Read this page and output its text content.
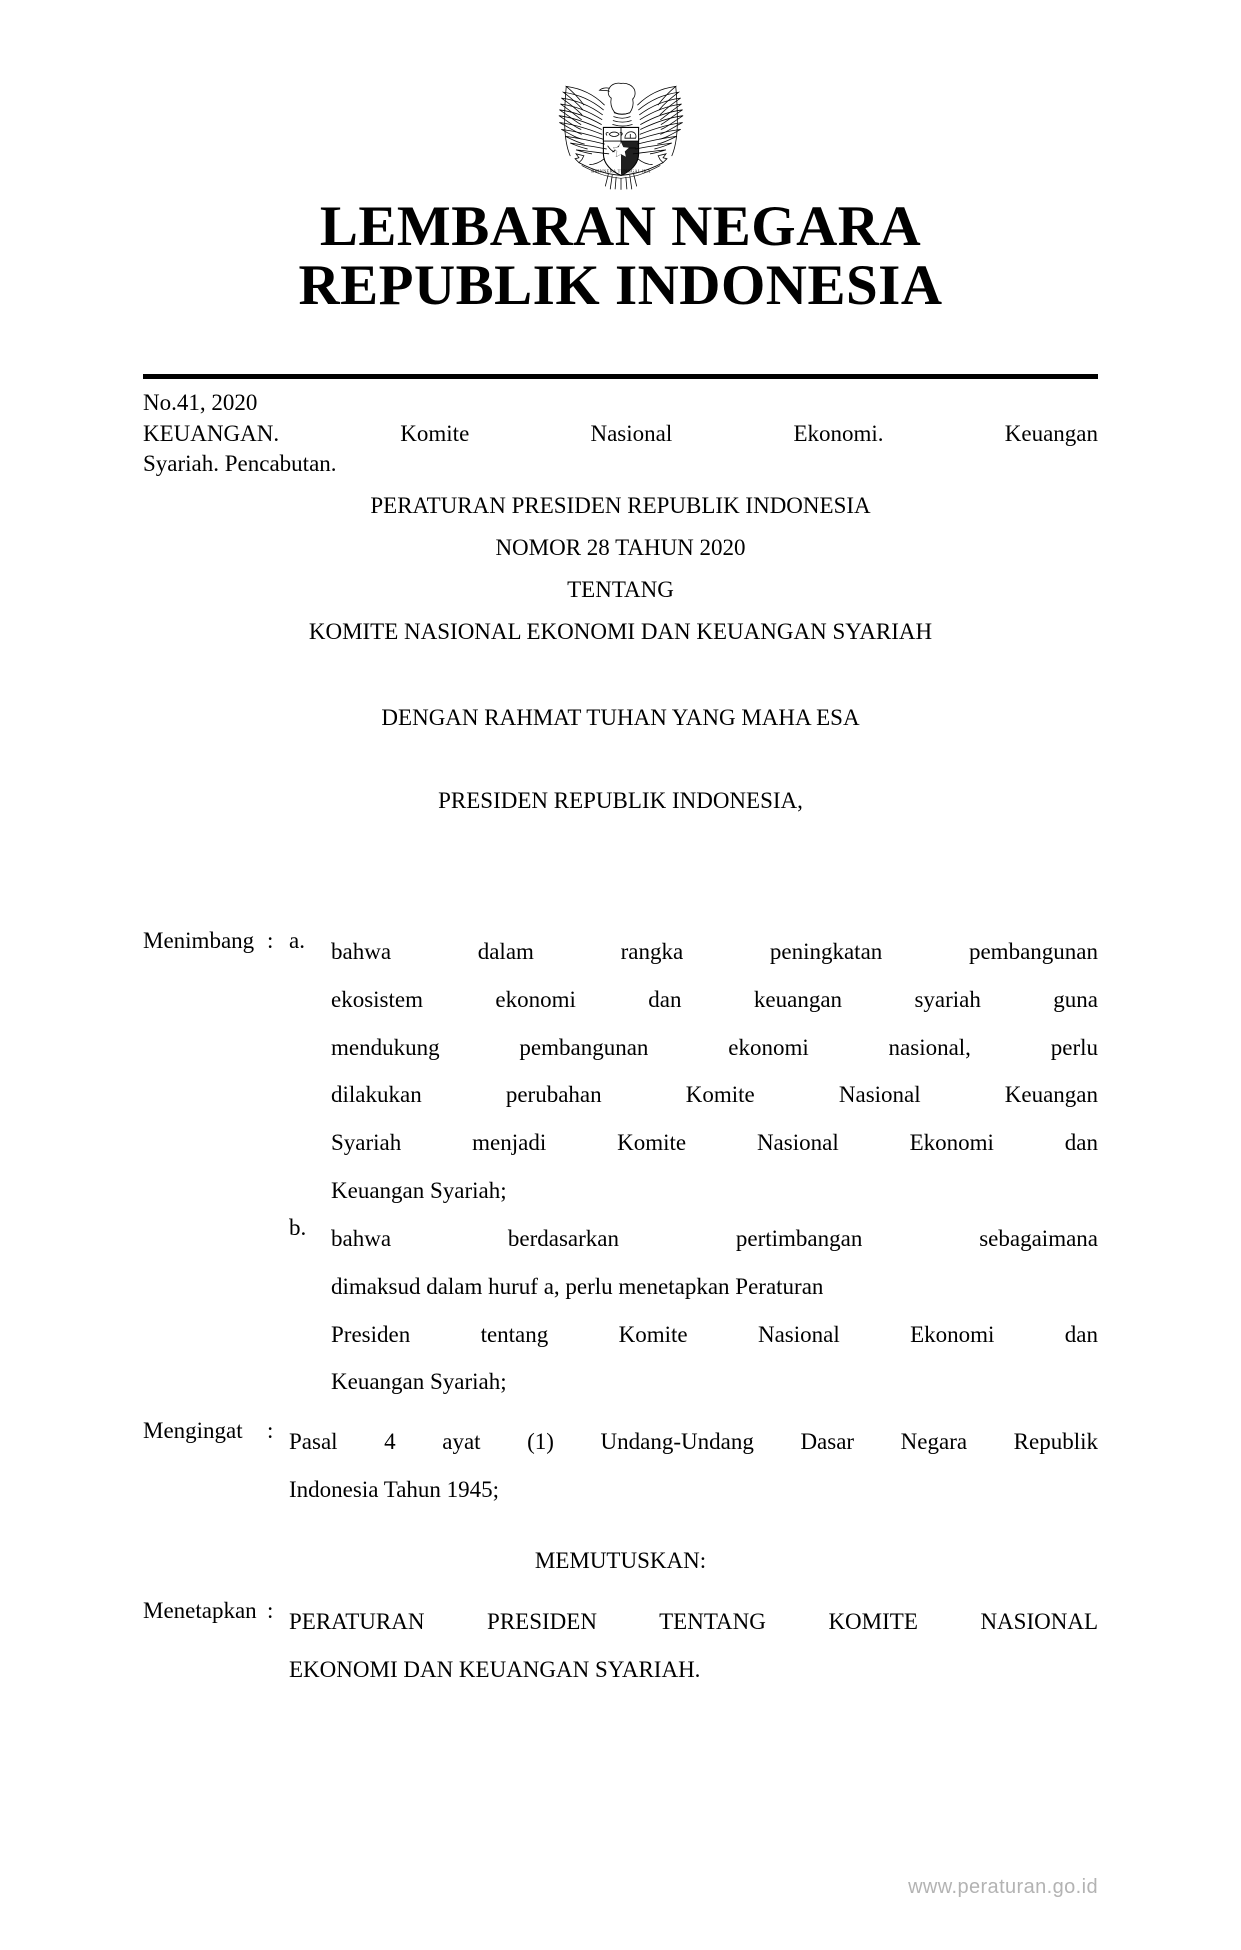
BHINNEKA TUNGGAL IKA
LEMBARAN NEGARA
REPUBLIK INDONESIA
No.41, 2020
KEUANGAN. Komite Nasional Ekonomi. Keuangan
Syariah. Pencabutan.
PERATURAN PRESIDEN REPUBLIK INDONESIA
NOMOR 28 TAHUN 2020
TENTANG
KOMITE NASIONAL EKONOMI DAN KEUANGAN SYARIAH
DENGAN RAHMAT TUHAN YANG MAHA ESA
PRESIDEN REPUBLIK INDONESIA,
Menimbang : a. bahwa dalam rangka peningkatan pembangunan
ekosistem ekonomi dan keuangan syariah guna
mendukung pembangunan ekonomi nasional, perlu
dilakukan perubahan Komite Nasional Keuangan
Syariah menjadi Komite Nasional Ekonomi dan
Keuangan Syariah;
b. bahwa berdasarkan pertimbangan sebagaimana
dimaksud dalam huruf a, perlu menetapkan Peraturan
Presiden tentang Komite Nasional Ekonomi dan
Keuangan Syariah;
Mengingat	: Pasal 4 ayat (1) Undang-Undang Dasar Negara Republik
Indonesia Tahun 1945;
MEMUTUSKAN:
Menetapkan : PERATURAN PRESIDEN TENTANG KOMITE NASIONAL
EKONOMI DAN KEUANGAN SYARIAH.
www.peraturan.go.id
